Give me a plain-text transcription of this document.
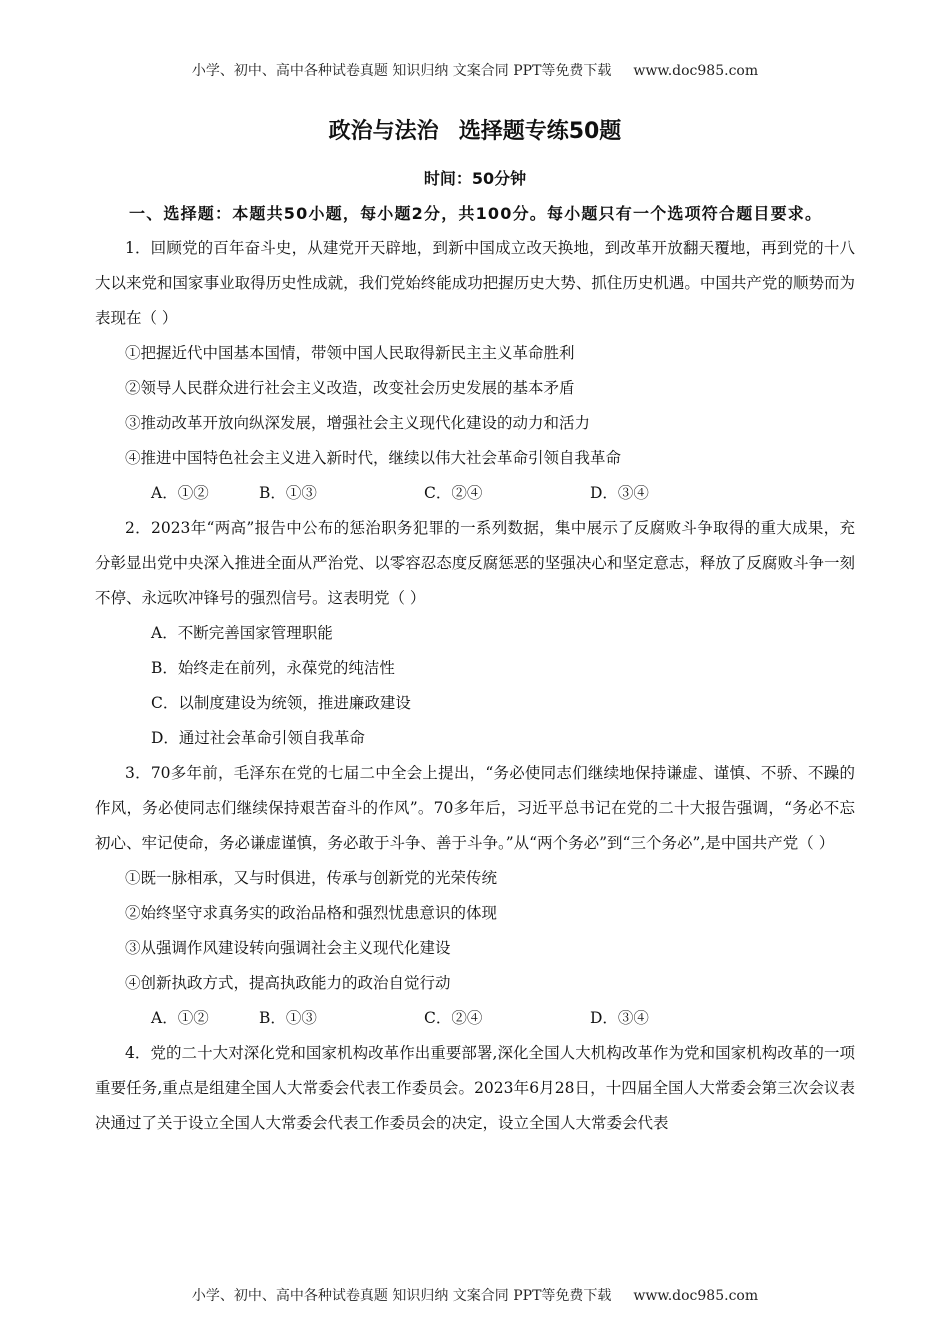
小学、初中、高中各种试卷真题 知识归纳 文案合同 PPT等免费下载 www.doc985.com
政治与法治 选择题专练50题
时间：50分钟
一、选择题：本题共50小题，每小题2分，共100分。每小题只有一个选项符合题目要求。

1．回顾党的百年奋斗史，从建党开天辟地，到新中国成立改天换地，到改革开放翻天覆地，再到党的十八大以来党和国家事业取得历史性成就，我们党始终能成功把握历史大势、抓住历史机遇。中国共产党的顺势而为表现在（ ）

①把握近代中国基本国情，带领中国人民取得新民主主义革命胜利

②领导人民群众进行社会主义改造，改变社会历史发展的基本矛盾

③推动改革开放向纵深发展，增强社会主义现代化建设的动力和活力

④推进中国特色社会主义进入新时代，继续以伟大社会革命引领自我革命

A．①②	B．①③	C．②④	D．③④

2．2023年“两高”报告中公布的惩治职务犯罪的一系列数据，集中展示了反腐败斗争取得的重大成果，充分彰显出党中央深入推进全面从严治党、以零容忍态度反腐惩恶的坚强决心和坚定意志，释放了反腐败斗争一刻不停、永远吹冲锋号的强烈信号。这表明党（ ）

A．不断完善国家管理职能

B．始终走在前列，永葆党的纯洁性

C．以制度建设为统领，推进廉政建设

D．通过社会革命引领自我革命

3．70多年前，毛泽东在党的七届二中全会上提出，“务必使同志们继续地保持谦虚、谨慎、不骄、不躁的作风，务必使同志们继续保持艰苦奋斗的作风”。70多年后，习近平总书记在党的二十大报告强调，“务必不忘初心、牢记使命，务必谦虚谨慎，务必敢于斗争、善于斗争。”从“两个务必”到“三个务必”,是中国共产党（ ）

①既一脉相承，又与时俱进，传承与创新党的光荣传统

②始终坚守求真务实的政治品格和强烈忧患意识的体现

③从强调作风建设转向强调社会主义现代化建设

④创新执政方式，提高执政能力的政治自觉行动

A．①②	B．①③	C．②④	D．③④

4．党的二十大对深化党和国家机构改革作出重要部署,深化全国人大机构改革作为党和国家机构改革的一项重要任务,重点是组建全国人大常委会代表工作委员会。2023年6月28日，十四届全国人大常委会第三次会议表决通过了关于设立全国人大常委会代表工作委员会的决定，设立全国人大常委会代表

小学、初中、高中各种试卷真题 知识归纳 文案合同 PPT等免费下载 www.doc985.com
